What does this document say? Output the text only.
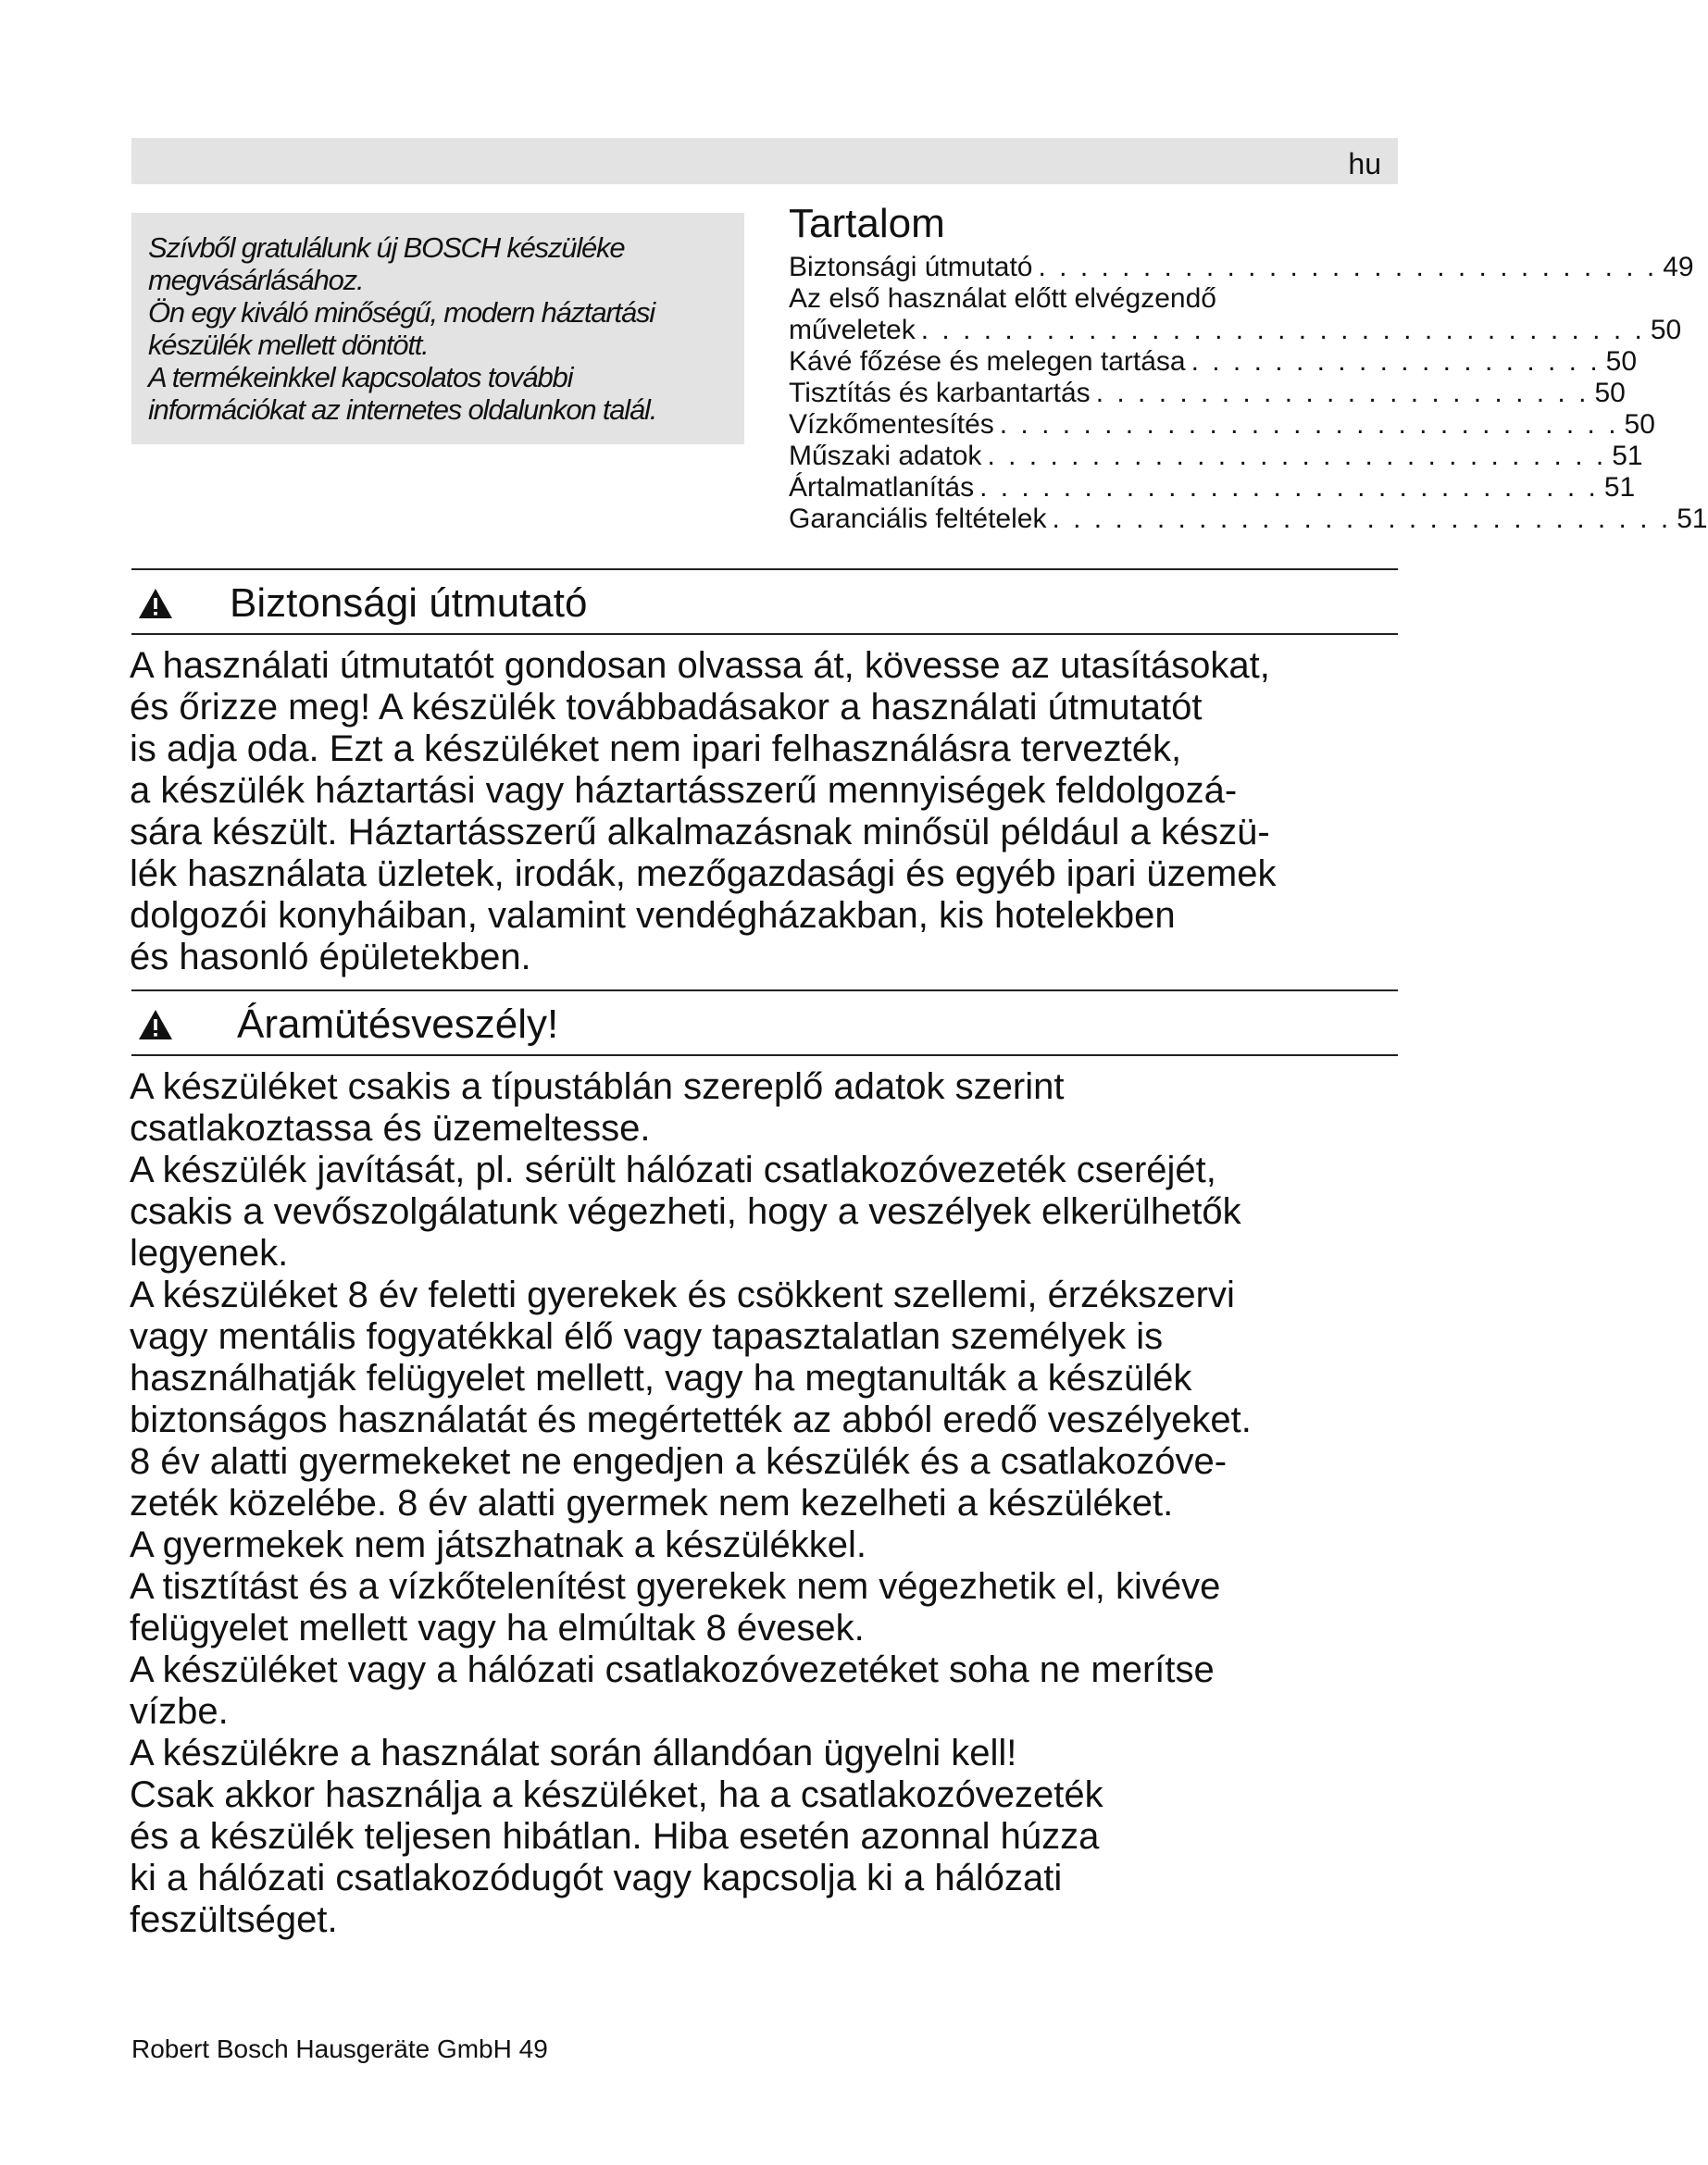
hu

Szívből gratulálunk új BOSCH készüléke

megvásárlásához.

Ön egy kiváló minőségű, modern háztartási

készülék mellett döntött.

A termékeinkkel kapcsolatos további

információkat az internetes oldalunkon talál.

Tartalom
Biztonsági útmutató . . . . . . . . . . . . . . . . . . . . . . . . . . . . . . 49
Az első használat előtt elvégzendő
műveletek . . . . . . . . . . . . . . . . . . . . . . . . . . . . . . . . . . . 50
Kávé főzése és melegen tartása . . . . . . . . . . . . . . . . . . . . 50
Tisztítás és karbantartás . . . . . . . . . . . . . . . . . . . . . . . . 50
Vízkőmentesítés . . . . . . . . . . . . . . . . . . . . . . . . . . . . . . 50
Műszaki adatok . . . . . . . . . . . . . . . . . . . . . . . . . . . . . . 51
Ártalmatlanítás . . . . . . . . . . . . . . . . . . . . . . . . . . . . . . 51
Garanciális feltételek . . . . . . . . . . . . . . . . . . . . . . . . . . . . . . 51
Biztonsági útmutató
A használati útmutatót gondosan olvassa át, kövesse az utasításokat,
és őrizze meg! A készülék továbbadásakor a használati útmutatót
is adja oda. Ezt a készüléket nem ipari felhasználásra tervezték,
a készülék háztartási vagy háztartásszerű mennyiségek feldolgozá-
sára készült. Háztartásszerű alkalmazásnak minősül például a készü-
lék használata üzletek, irodák, mezőgazdasági és egyéb ipari üzemek
dolgozói konyháiban, valamint vendégházakban, kis hotelekben
és hasonló épületekben.
Áramütésveszély!
A készüléket csakis a típustáblán szereplő adatok szerint
csatlakoztassa és üzemeltesse.
A készülék javítását, pl. sérült hálózati csatlakozóvezeték cseréjét,
csakis a vevőszolgálatunk végezheti, hogy a veszélyek elkerülhetők
legyenek.
A készüléket 8 év feletti gyerekek és csökkent szellemi, érzékszervi
vagy mentális fogyatékkal élő vagy tapasztalatlan személyek is
használhatják felügyelet mellett, vagy ha megtanulták a készülék
biztonságos használatát és megértették az abból eredő veszélyeket.
8 év alatti gyermekeket ne engedjen a készülék és a csatlakozóve-
zeték közelébe. 8 év alatti gyermek nem kezelheti a készüléket.
A gyermekek nem játszhatnak a készülékkel.
A tisztítást és a vízkőtelenítést gyerekek nem végezhetik el, kivéve
felügyelet mellett vagy ha elmúltak 8 évesek.
A készüléket vagy a hálózati csatlakozóvezetéket soha ne merítse
vízbe.
A készülékre a használat során állandóan ügyelni kell!
Csak akkor használja a készüléket, ha a csatlakozóvezeték
és a készülék teljesen hibátlan. Hiba esetén azonnal húzza
ki a hálózati csatlakozódugót vagy kapcsolja ki a hálózati
feszültséget.
Robert Bosch Hausgeräte GmbH 49
